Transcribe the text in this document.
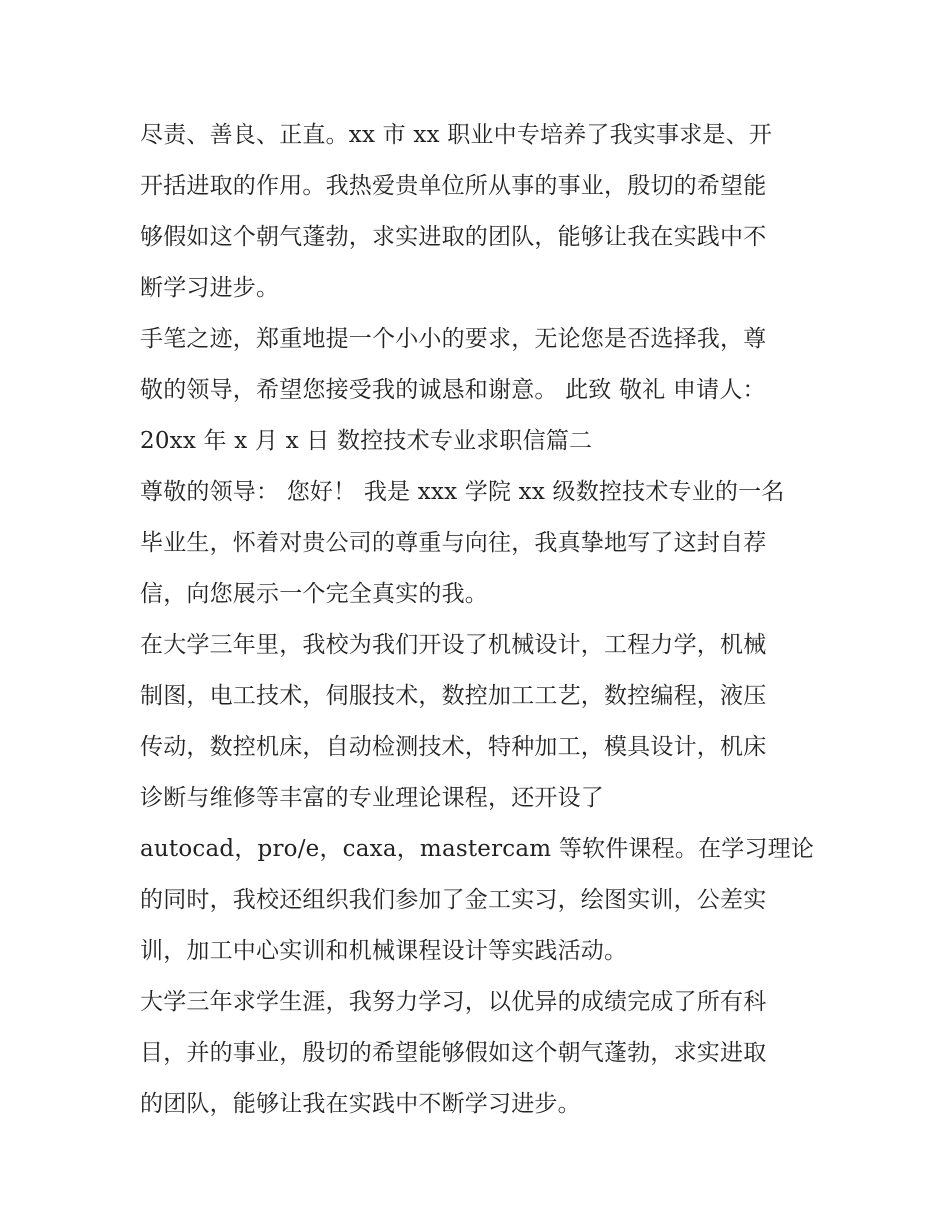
尽责、善良、正直。xx 市 xx 职业中专培养了我实事求是、开
开括进取的作用。我热爱贵单位所从事的事业，殷切的希望能
够假如这个朝气蓬勃，求实进取的团队，能够让我在实践中不
断学习进步。
手笔之迹，郑重地提一个小小的要求，无论您是否选择我，尊
敬的领导，希望您接受我的诚恳和谢意。 此致 敬礼 申请人：
20xx 年 x 月 x 日 数控技术专业求职信篇二
尊敬的领导： 您好！ 我是 xxx 学院 xx 级数控技术专业的一名
毕业生，怀着对贵公司的尊重与向往，我真挚地写了这封自荐
信，向您展示一个完全真实的我。
在大学三年里，我校为我们开设了机械设计，工程力学，机械
制图，电工技术，伺服技术，数控加工工艺，数控编程，液压
传动，数控机床，自动检测技术，特种加工，模具设计，机床
诊断与维修等丰富的专业理论课程，还开设了
autocad，pro/e，caxa，mastercam 等软件课程。在学习理论
的同时，我校还组织我们参加了金工实习，绘图实训，公差实
训，加工中心实训和机械课程设计等实践活动。
大学三年求学生涯，我努力学习，以优异的成绩完成了所有科
目，并的事业，殷切的希望能够假如这个朝气蓬勃，求实进取
的团队，能够让我在实践中不断学习进步。
